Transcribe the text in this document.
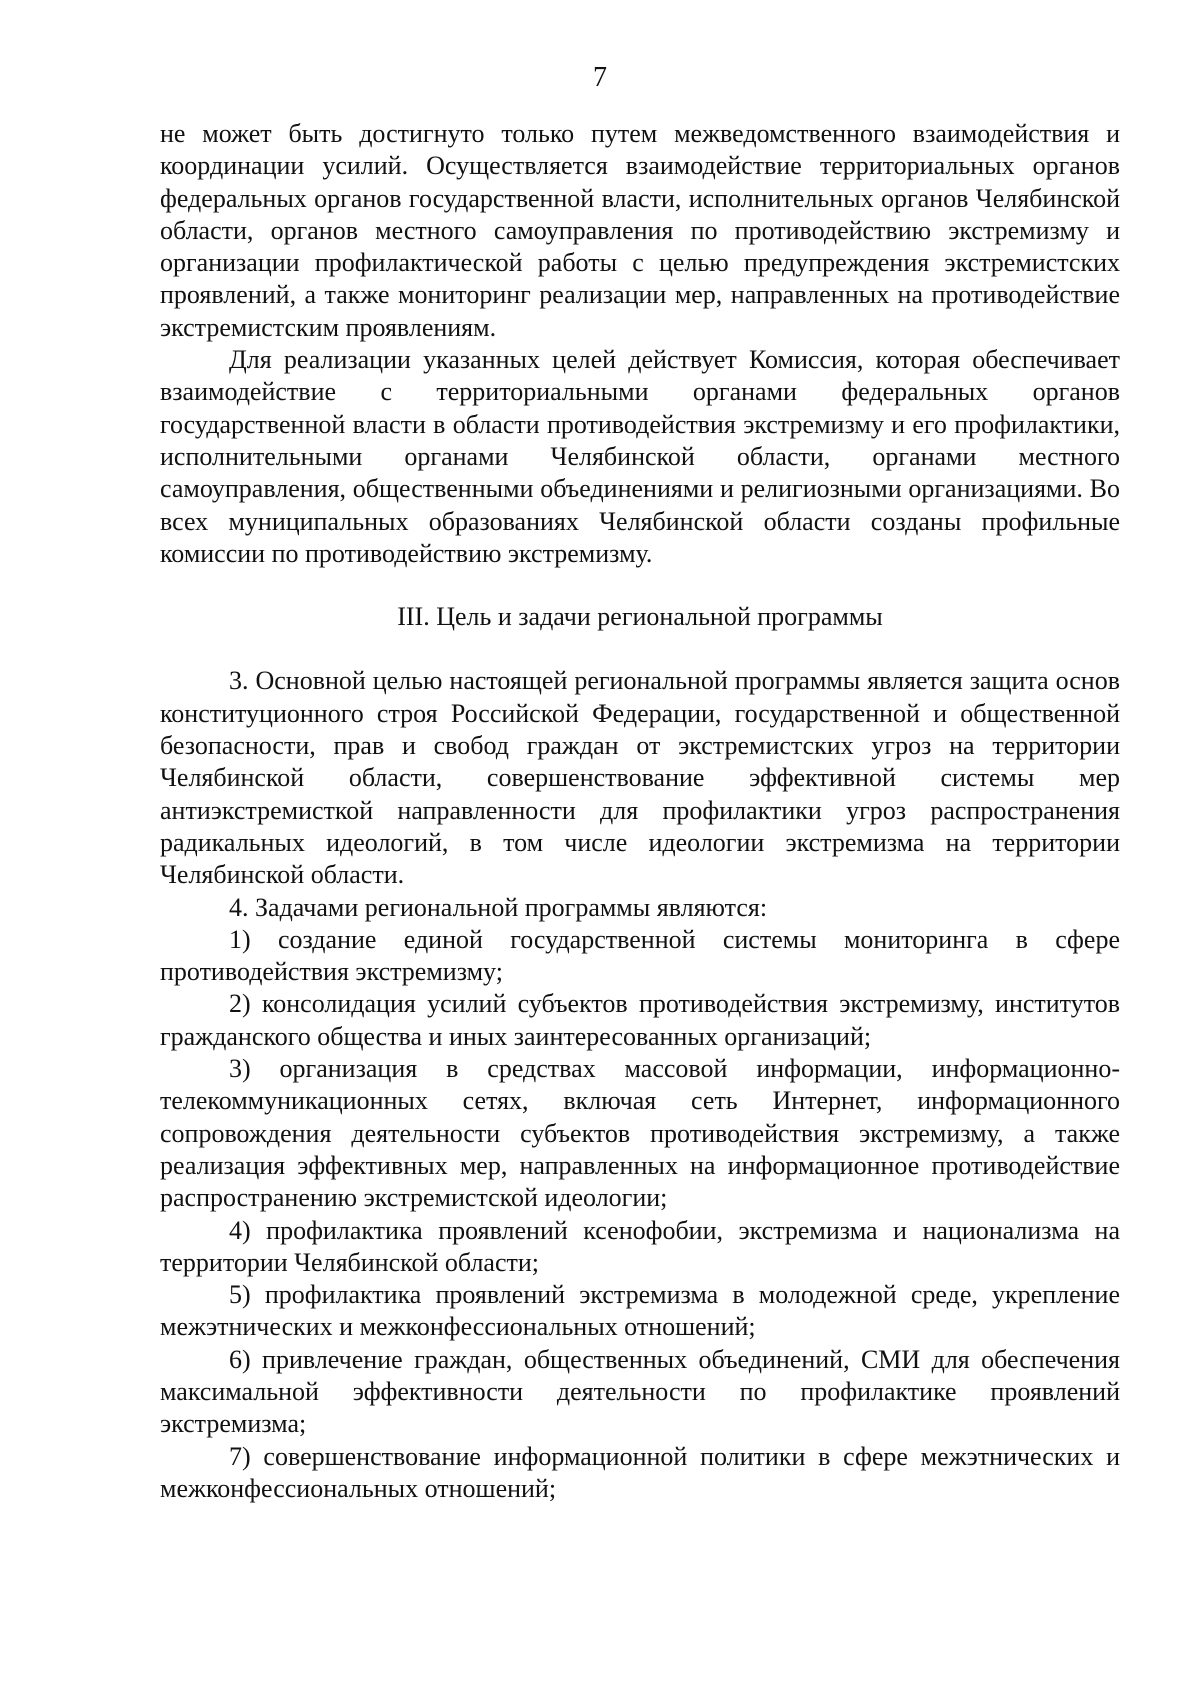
7

не может быть достигнуто только путем межведомственного взаимодействия и координации усилий. Осуществляется взаимодействие территориальных органов федеральных органов государственной власти, исполнительных органов Челябинской области, органов местного самоуправления по противодействию экстремизму и организации профилактической работы с целью предупреждения экстремистских проявлений, а также мониторинг реализации мер, направленных на противодействие экстремистским проявлениям.

Для реализации указанных целей действует Комиссия, которая обеспечивает взаимодействие с территориальными органами федеральных органов государственной власти в области противодействия экстремизму и его профилактики, исполнительными органами Челябинской области, органами местного самоуправления, общественными объединениями и религиозными организациями. Во всех муниципальных образованиях Челябинской области созданы профильные комиссии по противодействию экстремизму.

III. Цель и задачи региональной программы

3. Основной целью настоящей региональной программы является защита основ конституционного строя Российской Федерации, государственной и общественной безопасности, прав и свобод граждан от экстремистских угроз на территории Челябинской области, совершенствование эффективной системы мер антиэкстремисткой направленности для профилактики угроз распространения радикальных идеологий, в том числе идеологии экстремизма на территории Челябинской области.

4. Задачами региональной программы являются:

1) создание единой государственной системы мониторинга в сфере противодействия экстремизму;

2) консолидация усилий субъектов противодействия экстремизму, институтов гражданского общества и иных заинтересованных организаций;

3) организация в средствах массовой информации, информационно-телекоммуникационных сетях, включая сеть Интернет, информационного сопровождения деятельности субъектов противодействия экстремизму, а также реализация эффективных мер, направленных на информационное противодействие распространению экстремистской идеологии;

4) профилактика проявлений ксенофобии, экстремизма и национализма на территории Челябинской области;

5) профилактика проявлений экстремизма в молодежной среде, укрепление межэтнических и межконфессиональных отношений;

6) привлечение граждан, общественных объединений, СМИ для обеспечения максимальной эффективности деятельности по профилактике проявлений экстремизма;

7) совершенствование информационной политики в сфере межэтнических и межконфессиональных отношений;
